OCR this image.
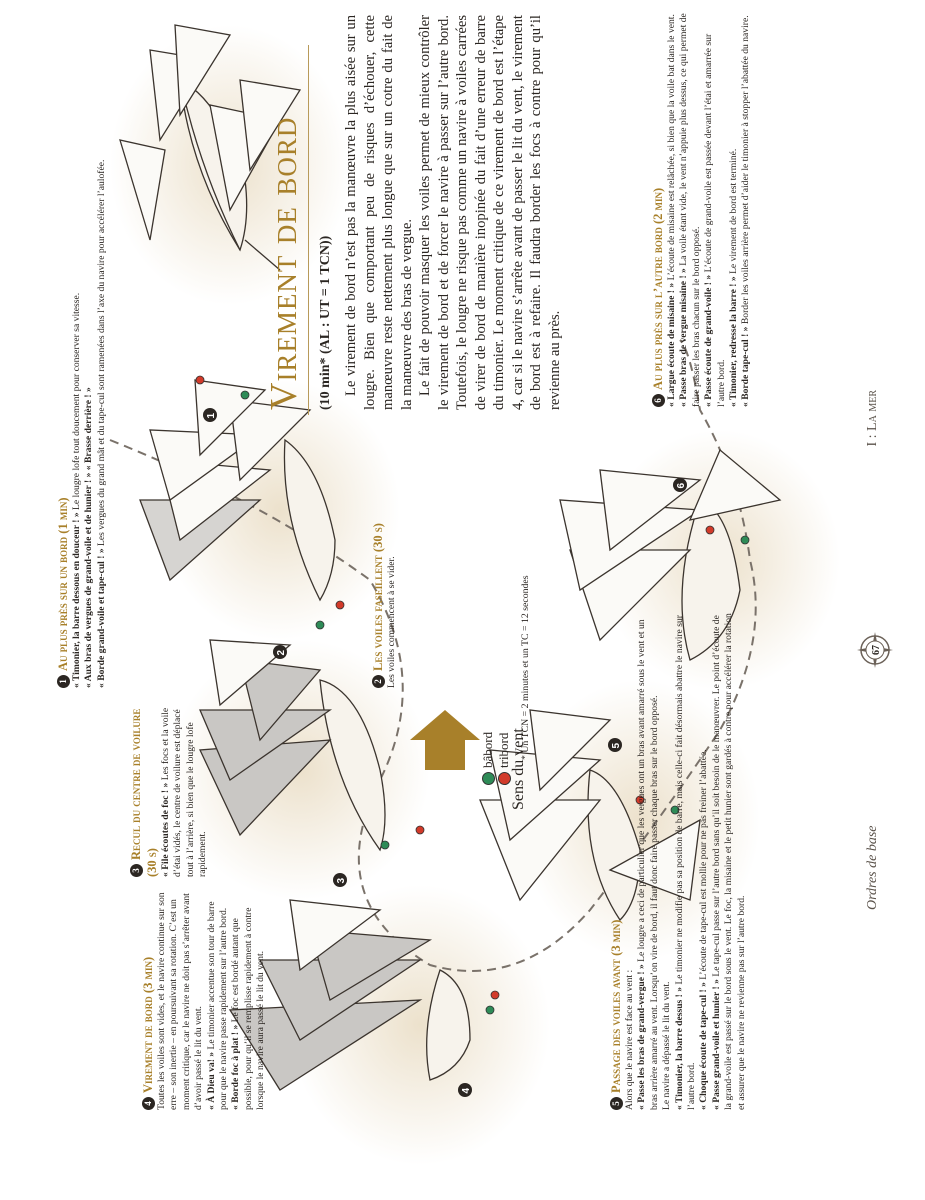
1
2
3
4
5
6
Virement de bord (10 min* (AL : UT = 1 TCN)) Le virement de bord n’est pas la manœuvre la plus aisée sur un lougre. Bien que comportant peu de risques d’échouer, cette manœuvre reste nettement plus longue que sur un cotre du fait de la manœuvre des bras de vergue. Le fait de pouvoir masquer les voiles permet de mieux contrôler le virement de bord et de forcer le navire à passer sur l’autre bord. Toutefois, le lougre ne risque pas comme un navire à voiles carrées de virer de bord de manière inopinée du fait d’une erreur de barre du timonier. Le moment critique de ce virement de bord est l’étape 4, car si le navire s’arrête avant de passer le lit du vent, le virement de bord est à refaire. Il faudra border les focs à contre pour qu’il revienne au près.

1Au plus près sur un bord (1 min) « Timonier, la barre dessous en douceur ! » Le lougre lofe tout doucement pour conserver sa vitesse. « Aux bras de vergues de grand-voile et de hunier ! » « Brasse derrière ! » « Borde grand-voile et tape-cul ! » Les vergues du grand mât et du tape-cul sont ramenées dans l’axe du navire pour accélérer l’aulofée.

2Les voiles faseillent (30 s) Les voiles commencent à se vider.

bâbord tribord * Un TCN = 2 minutes et un TC = 12 secondes
Sens du vent
3Recul du centre de voilure (30 s) « File écoutes de foc ! » Les focs et la voile d’étai vidés, le centre de voilure est déplacé tout à l’arrière, si bien que le lougre lofe rapidement.

4Virement de bord (3 min) Toutes les voiles sont vides, et le navire continue sur son erre – son inertie – en poursuivant sa rotation. C’est un moment critique, car le navire ne doit pas s’arrêter avant d’avoir passé le lit du vent. « À Dieu va! » Le timonier accentue son tour de barre pour que le navire passe rapidement sur l’autre bord. « Borde foc à plat ! » Le foc est bordé autant que possible, pour qu’il se remplisse rapidement à contre lorsque le navire aura passé le lit du vent.	5Passage des voiles avant (3 min) Alors que le navire est face au vent : « Passe les bras de grand-vergue ! » Le lougre a ceci de particulier que les vergues ont un bras avant amarré sous le vent et un bras arrière amarré au vent. Lorsqu’on vire de bord, il faut donc faire passer chaque bras sur le bord opposé. Le navire a dépassé le lit du vent. « Timonier, la barre dessus ! » Le timonier ne modifie pas sa position de barre, mais celle-ci fait désormais abattre le navire sur l’autre bord. « Choque écoute de tape-cul ! » L’écoute de tape-cul est mollie pour ne pas freiner l’abattée.

« Passe grand-voile et hunier ! » Le tape-cul passe sur l’autre bord sans qu’il soit besoin de le manœuvrer. Le point d’écoute de la grand-voile est passé sur le bord sous le vent. Le foc, la misaine et le petit hunier sont gardés à contre pour accélérer la rotation et assurer que le navire ne revienne pas sur l’autre bord.

6Au plus près sur l’autre bord (2 min) « Largue écoute de misaine ! » L’écoute de misaine est relâchée, si bien que la voile bat dans le vent.

« Passe bras de vergue misaine ! » La voile étant vide, le vent n’appuie plus dessus, ce qui permet de faire passer les bras chacun sur le bord opposé. « Passe écoute de grand-voile ! » L’écoute de grand-voile est passée devant l’étai et amarrée sur l’autre bord. « Timonier, redresse la barre ! » Le virement de bord est terminé.

« Borde tape-cul ! » Border les voiles arrière permet d’aider le timonier à stopper l’abattée du navire.

Ordres de base
67
I : La mer
